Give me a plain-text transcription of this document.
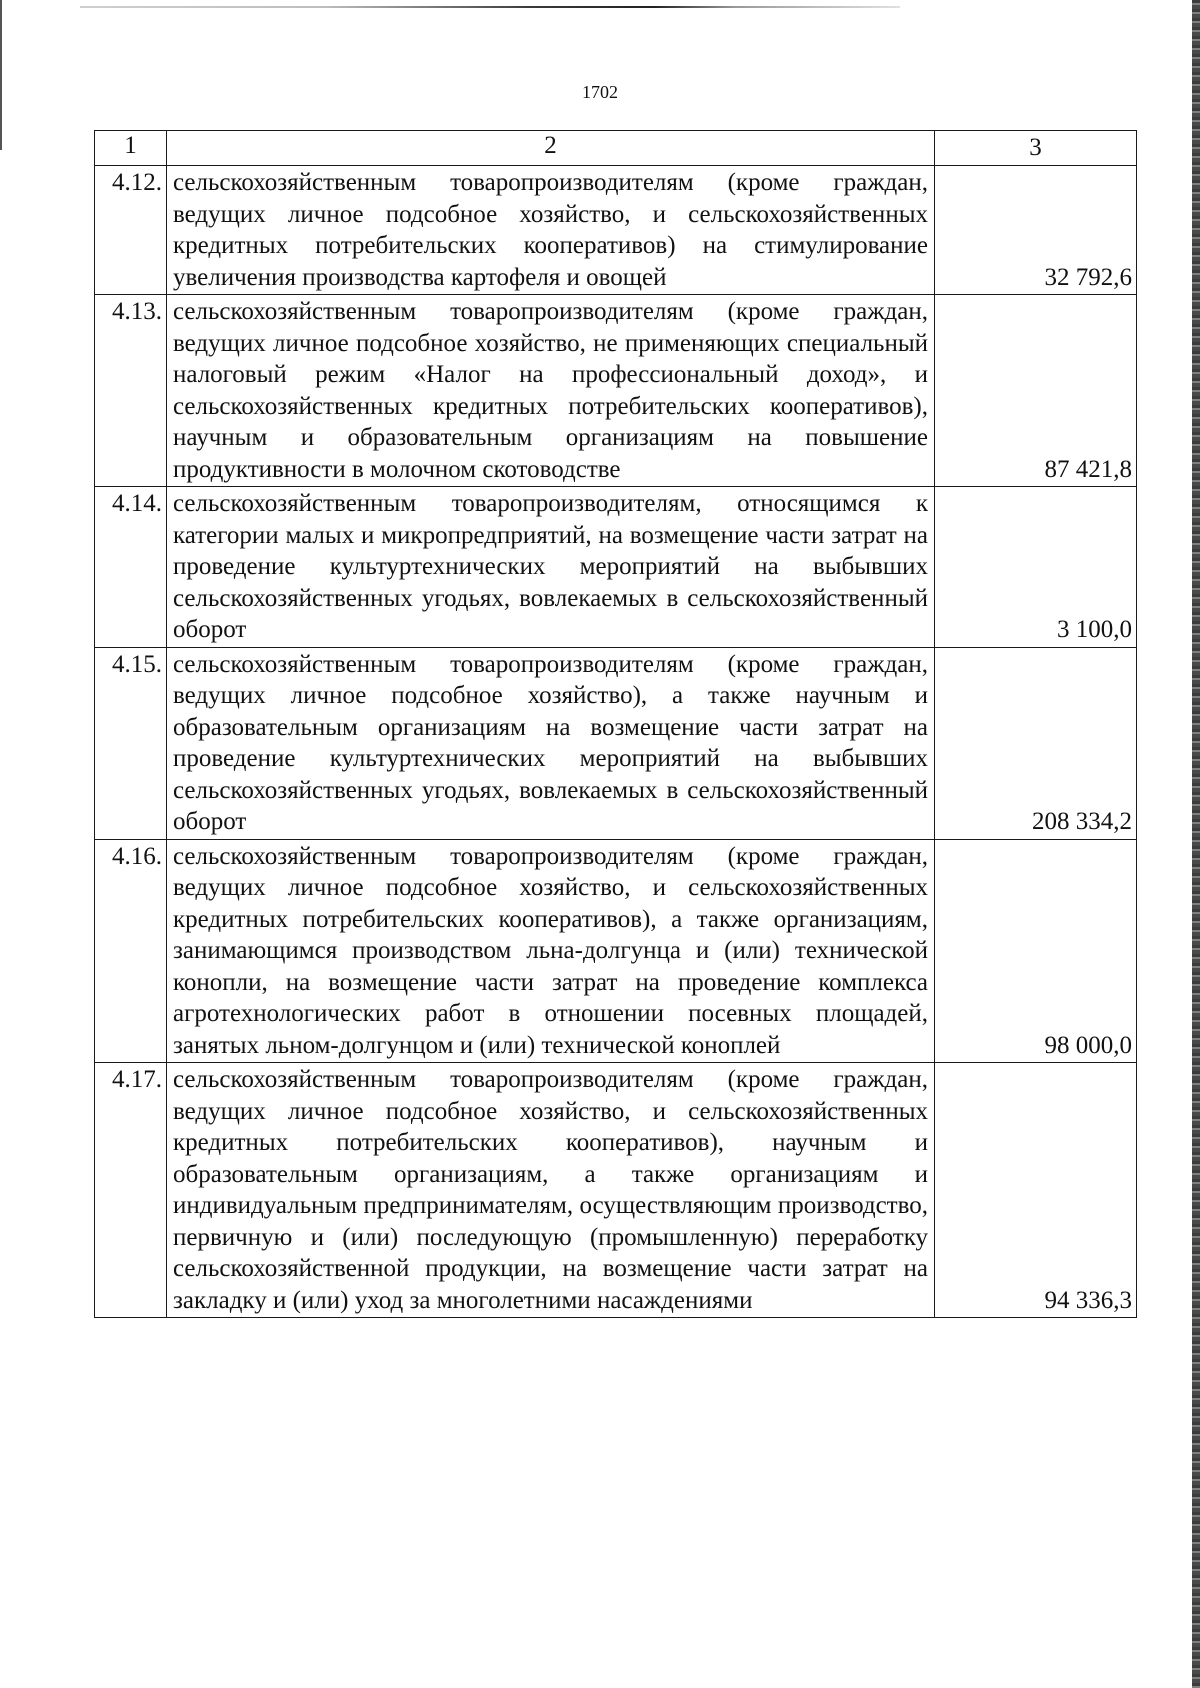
1702
1	2	3
4.12.	сельскохозяйственным товаропроизводителям (кроме граждан, ведущих личное подсобное хозяйство, и сельскохозяйственных кредитных потребительских кооперативов) на стимулирование увеличения производства картофеля и овощей	32 792,6
4.13.	сельскохозяйственным товаропроизводителям (кроме граждан, ведущих личное подсобное хозяйство, не применяющих специальный налоговый режим «Налог на профессиональный доход», и сельскохозяйственных кредитных потребительских кооперативов), научным и образовательным организациям на повышение продуктивности в молочном скотоводстве	87 421,8
4.14.	сельскохозяйственным товаропроизводителям, относящимся к категории малых и микропредприятий, на возмещение части затрат на проведение культуртехнических мероприятий на выбывших сельскохозяйственных угодьях, вовлекаемых в сельскохозяйственный оборот	3 100,0
4.15.	сельскохозяйственным товаропроизводителям (кроме граждан, ведущих личное подсобное хозяйство), а также научным и образовательным организациям на возмещение части затрат на проведение культуртехнических мероприятий на выбывших сельскохозяйственных угодьях, вовлекаемых в сельскохозяйственный оборот	208 334,2
4.16.	сельскохозяйственным товаропроизводителям (кроме граждан, ведущих личное подсобное хозяйство, и сельскохозяйственных кредитных потребительских кооперативов), а также организациям, занимающимся производством льна-долгунца и (или) технической конопли, на возмещение части затрат на проведение комплекса агротехнологических работ в отношении посевных площадей, занятых льном-долгунцом и (или) технической коноплей	98 000,0
4.17.	сельскохозяйственным товаропроизводителям (кроме граждан, ведущих личное подсобное хозяйство, и сельскохозяйственных кредитных потребительских кооперативов), научным и образовательным организациям, а также организациям и индивидуальным предпринимателям, осуществляющим производство, первичную и (или) последующую (промышленную) переработку сельскохозяйственной продукции, на возмещение части затрат на закладку и (или) уход за многолетними насаждениями	94 336,3
